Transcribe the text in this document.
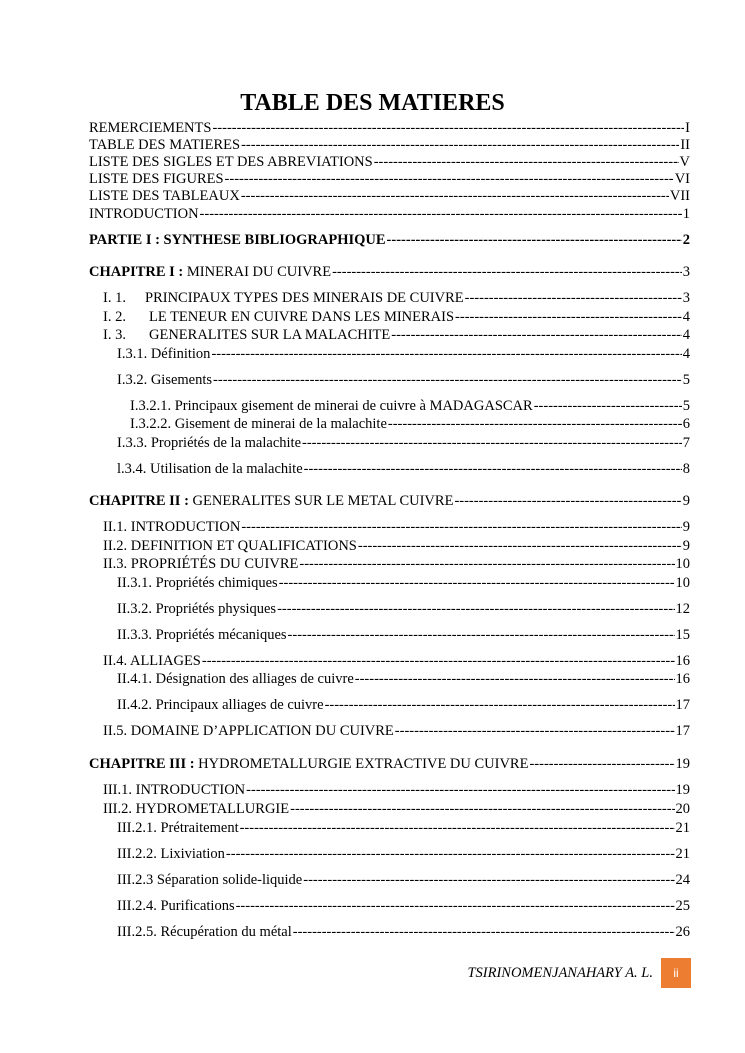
TABLE DES MATIERES
REMERCIEMENTS -----	I
TABLE DES MATIERES -----	II
LISTE DES SIGLES ET DES ABREVIATIONS -----	V
LISTE DES FIGURES -----	VI
LISTE DES TABLEAUX -----	VII
INTRODUCTION -----	1
PARTIE I : SYNTHESE BIBLIOGRAPHIQUE -----	2
CHAPITRE I : MINERAI DU CUIVRE -----	3
I. 1. PRINCIPAUX TYPES DES MINERAIS DE CUIVRE -----	3
I. 2. LE TENEUR EN CUIVRE DANS LES MINERAIS -----	4
I. 3. GENERALITES SUR LA MALACHITE -----	4
I.3.1. Définition -----	4
I.3.2. Gisements -----	5
I.3.2.1. Principaux gisement de minerai de cuivre à MADAGASCAR -----	5
I.3.2.2. Gisement de minerai de la malachite -----	6
I.3.3. Propriétés de la malachite -----	7
l.3.4. Utilisation de la malachite -----	8
CHAPITRE II : GENERALITES SUR LE METAL CUIVRE -----	9
II.1. INTRODUCTION -----	9
II.2. DEFINITION ET QUALIFICATIONS -----	9
II.3. PROPRIÉTÉS DU CUIVRE -----	10
II.3.1. Propriétés chimiques -----	10
II.3.2. Propriétés physiques -----	12
II.3.3. Propriétés mécaniques -----	15
II.4. ALLIAGES -----	16
II.4.1. Désignation des alliages de cuivre -----	16
II.4.2. Principaux alliages de cuivre -----	17
II.5. DOMAINE D’APPLICATION DU CUIVRE -----	17
CHAPITRE III : HYDROMETALLURGIE EXTRACTIVE DU CUIVRE -----	19
III.1. INTRODUCTION -----	19
III.2. HYDROMETALLURGIE -----	20
III.2.1. Prétraitement -----	21
III.2.2. Lixiviation -----	21
III.2.3 Séparation solide-liquide -----	24
III.2.4. Purifications -----	25
III.2.5. Récupération du métal -----	26
TSIRINOMENJANAHARY A. L.	ii
